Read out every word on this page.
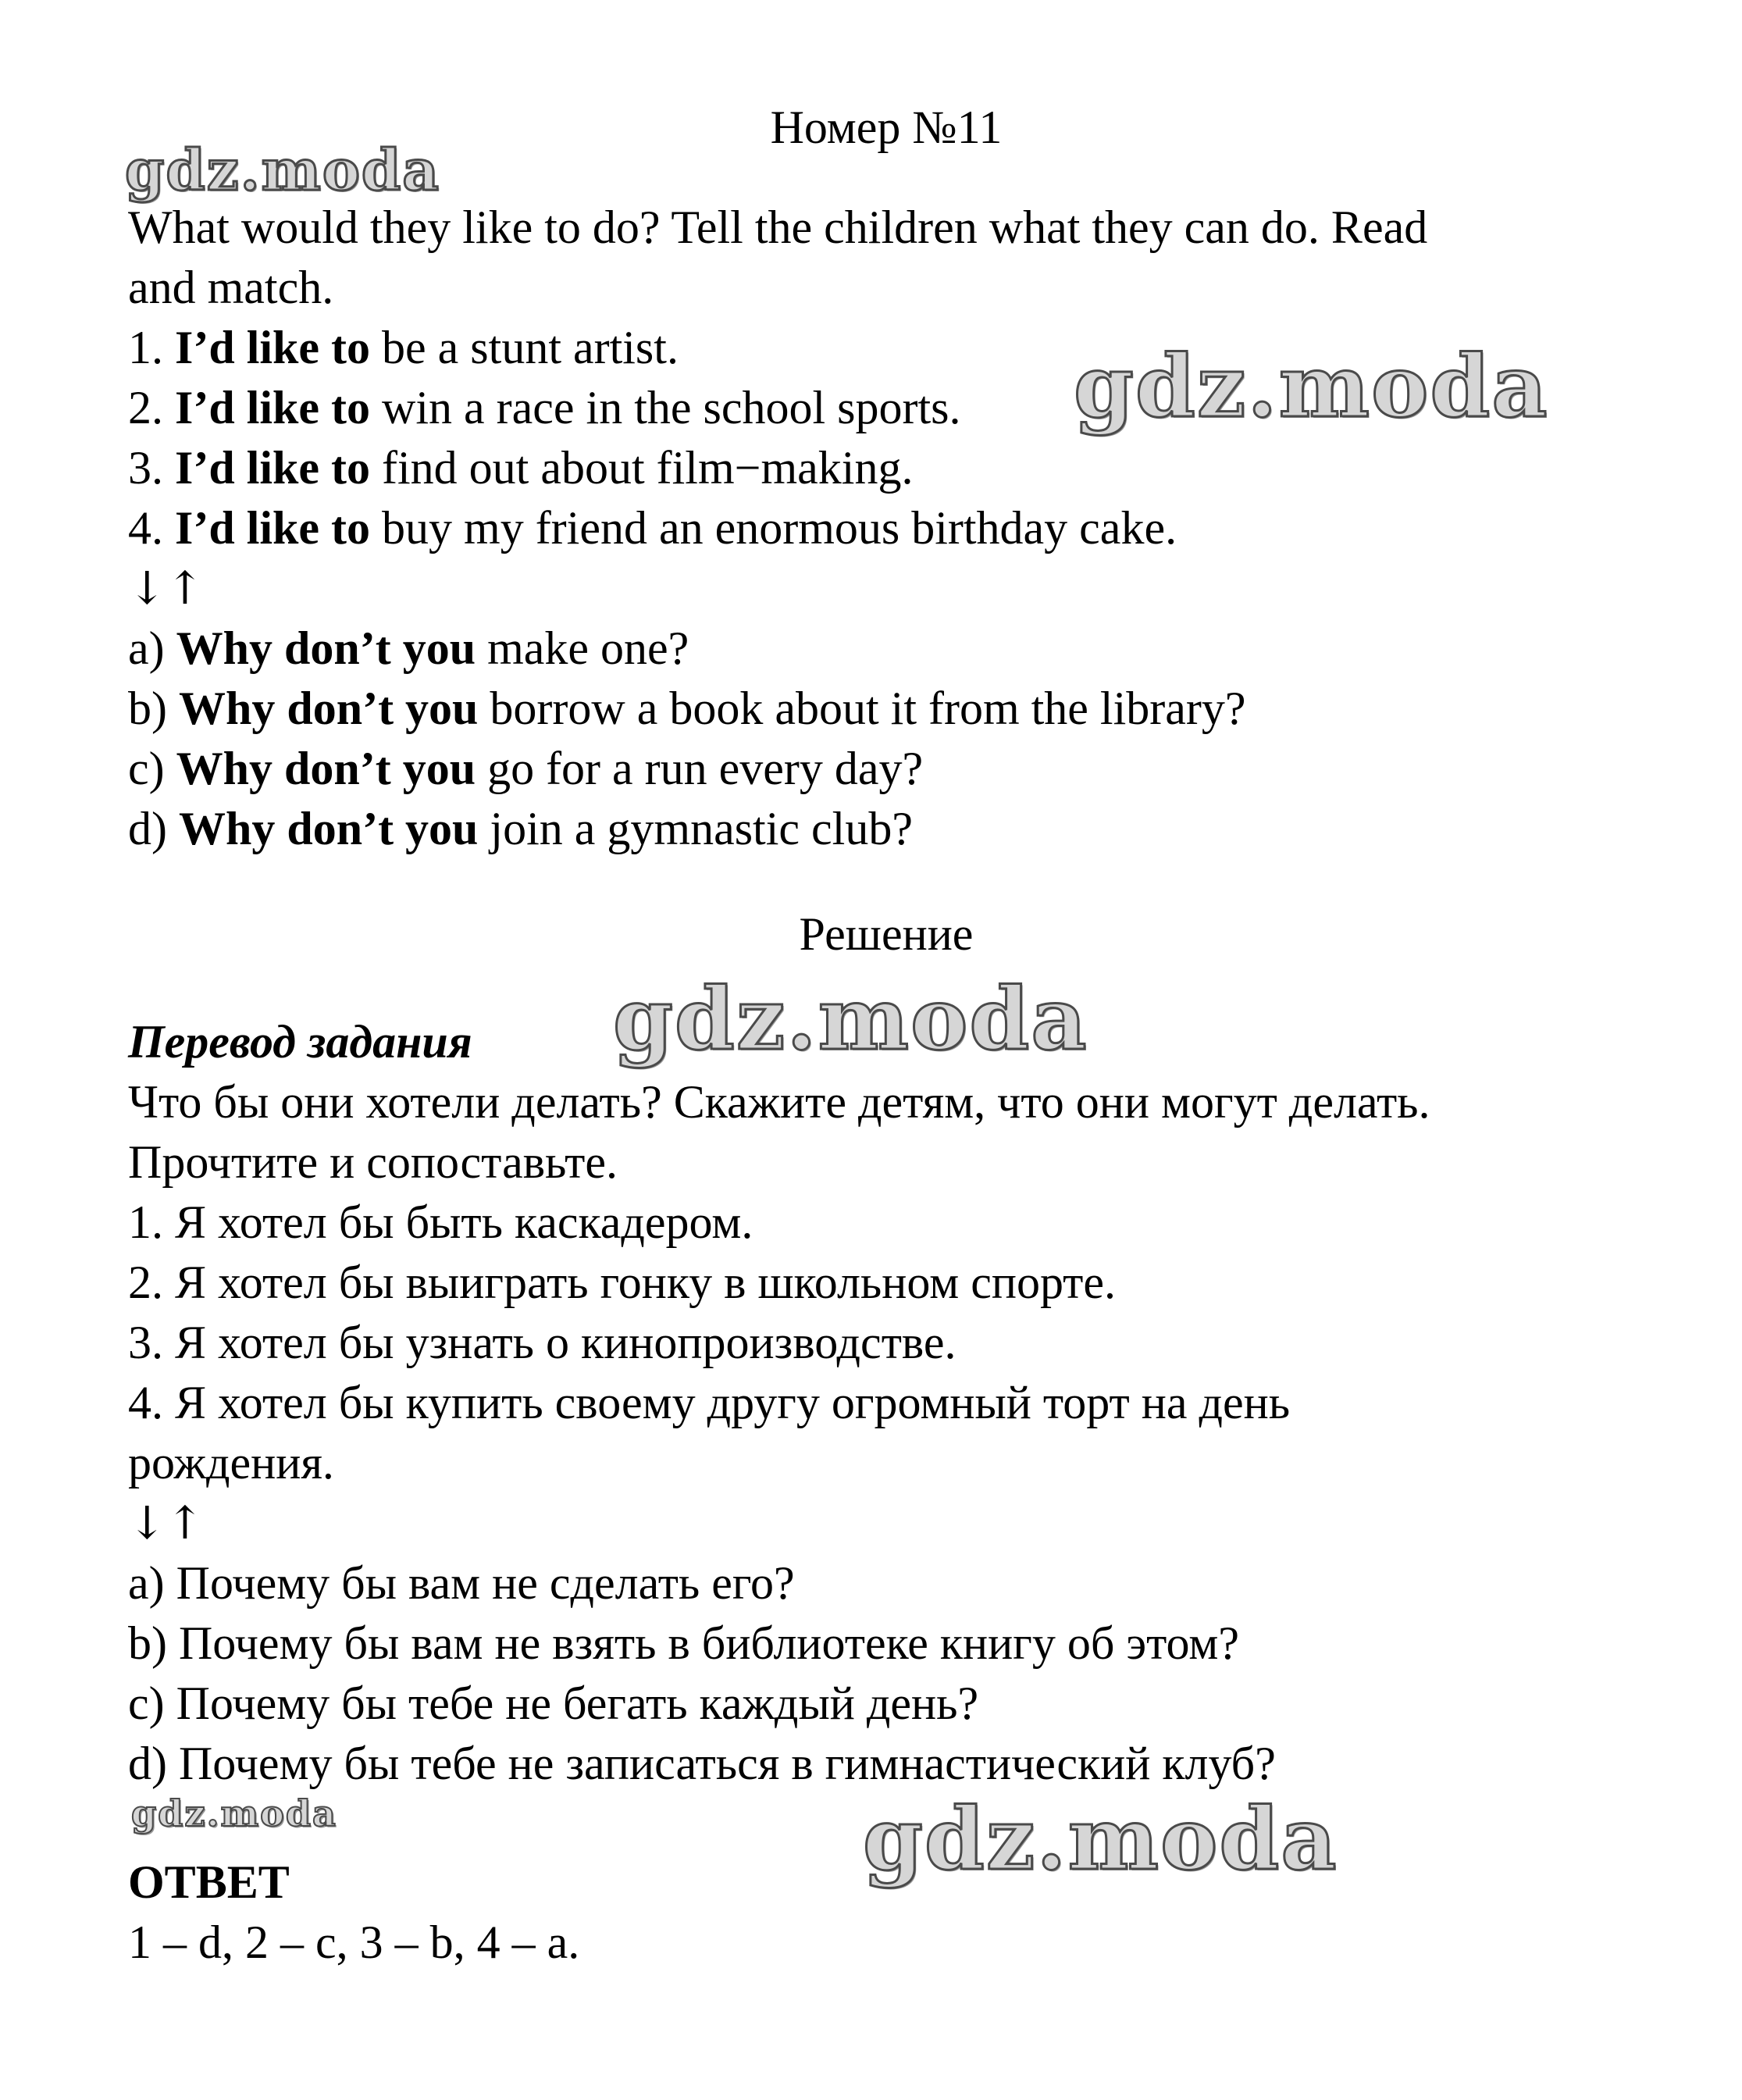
Номер №11
What would they like to do? Tell the children what they can do. Read
and match.
1. I’d like to be a stunt artist.
2. I’d like to win a race in the school sports.
3. I’d like to find out about film−making.
4. I’d like to buy my friend an enormous birthday cake.
↓↑
a) Why don’t you make one?
b) Why don’t you borrow a book about it from the library?
c) Why don’t you go for a run every day?
d) Why don’t you join a gymnastic club?
Решение
Перевод задания
Что бы они хотели делать? Скажите детям, что они могут делать.
Прочтите и сопоставьте.
1. Я хотел бы быть каскадером.
2. Я хотел бы выиграть гонку в школьном спорте.
3. Я хотел бы узнать о кинопроизводстве.
4. Я хотел бы купить своему другу огромный торт на день
рождения.
↓↑
a) Почему бы вам не сделать его?
b) Почему бы вам не взять в библиотеке книгу об этом?
c) Почему бы тебе не бегать каждый день?
d) Почему бы тебе не записаться в гимнастический клуб?
ОТВЕТ
1 – d, 2 – c, 3 – b, 4 – a.
gdz.moda
gdz.moda
gdz.moda
gdz.moda	gdz.moda
